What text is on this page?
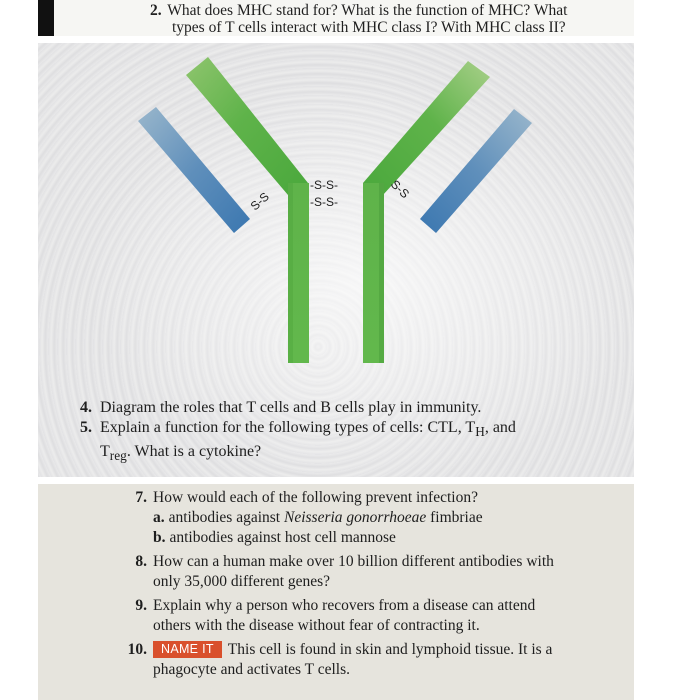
2. What does MHC stand for? What is the function of MHC? What
types of T cells interact with MHC class I? With MHC class II?

S-S
S-S
-S-S-
-S-S-
4. Diagram the roles that T cells and B cells play in immunity.
5. Explain a function for the following types of cells: CTL, $T_H$, and
$T_{reg}$. What is a cytokine?
7. How would each of the following prevent infection?
a. antibodies against Neisseria gonorrhoeae fimbriae
b. antibodies against host cell mannose
8. How can a human make over 10 billion different antibodies with
only 35,000 different genes?
9. Explain why a person who recovers from a disease can attend
others with the disease without fear of contracting it.
10. NAME IT This cell is found in skin and lymphoid tissue. It is a
phagocyte and activates T cells.
